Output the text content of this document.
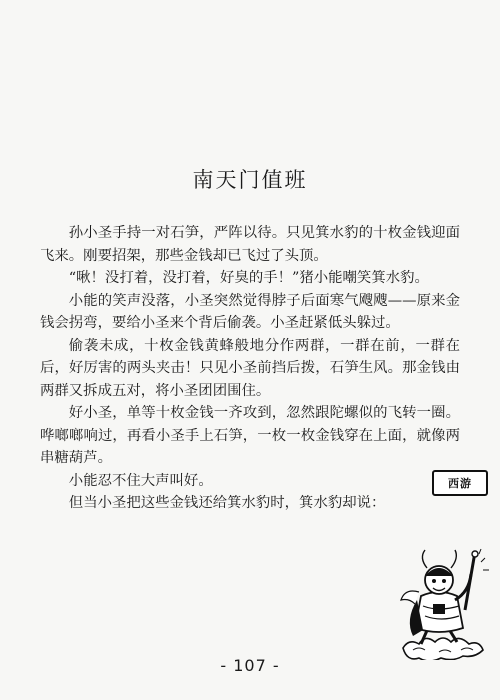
南天门值班

孙小圣手持一对石笋，严阵以待。只见箕水豹的十枚金钱迎面飞来。刚要招架，那些金钱却已飞过了头顶。

“啾！没打着，没打着，好臭的手！”猪小能嘲笑箕水豹。

小能的笑声没落，小圣突然觉得脖子后面寒气飕飕——原来金钱会拐弯，要给小圣来个背后偷袭。小圣赶紧低头躲过。

偷袭未成，十枚金钱黄蜂般地分作两群，一群在前，一群在后，好厉害的两头夹击！只见小圣前挡后拨，石笋生风。那金钱由两群又拆成五对，将小圣团团围住。

好小圣，单等十枚金钱一齐攻到，忽然跟陀螺似的飞转一圈。哗啷啷响过，再看小圣手上石笋，一枚一枚金钱穿在上面，就像两串糖葫芦。

小能忍不住大声叫好。

但当小圣把这些金钱还给箕水豹时，箕水豹却说：

西游
- 107 -
